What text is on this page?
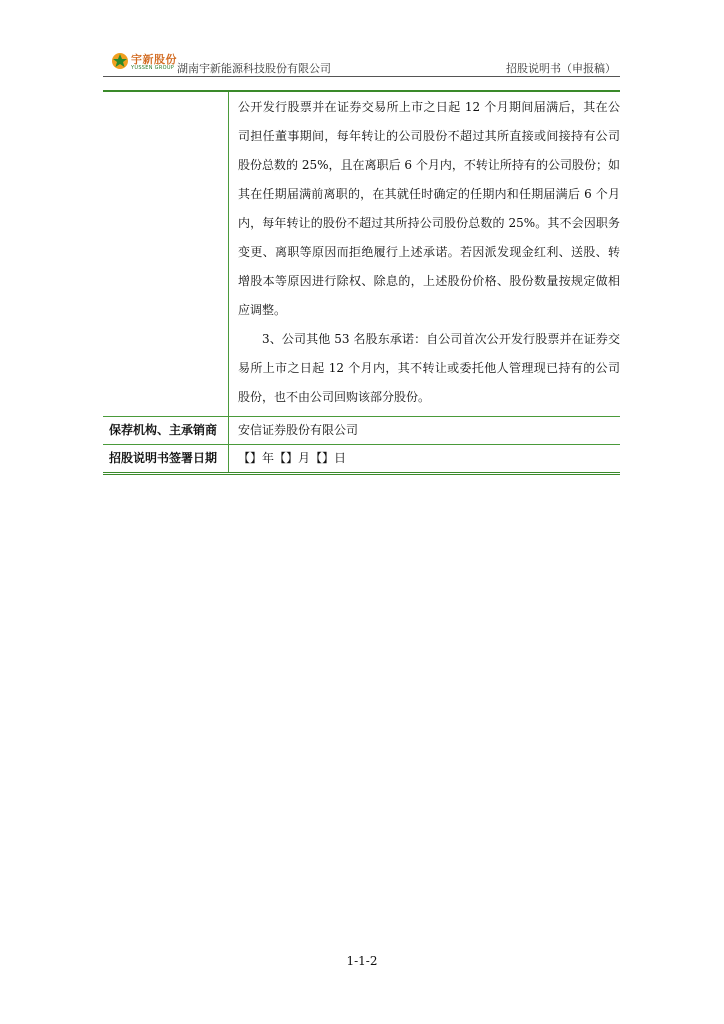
宇新股份
YUSSEN GROUP 湖南宇新能源科技股份有限公司	招股说明书（申报稿）

公开发行股票并在证券交易所上市之日起 12 个月期间届满后，其在公司担任董事期间，每年转让的公司股份不超过其所直接或间接持有公司股份总数的 25%，且在离职后 6 个月内，不转让所持有的公司股份；如其在任期届满前离职的，在其就任时确定的任期内和任期届满后 6 个月内，每年转让的股份不超过其所持公司股份总数的 25%。其不会因职务变更、离职等原因而拒绝履行上述承诺。若因派发现金红利、送股、转增股本等原因进行除权、除息的，上述股份价格、股份数量按规定做相应调整。

3、公司其他 53 名股东承诺：自公司首次公开发行股票并在证券交易所上市之日起 12 个月内，其不转让或委托他人管理现已持有的公司股份，也不由公司回购该部分股份。

保荐机构、主承销商	安信证券股份有限公司
招股说明书签署日期	【】年【】月【】日
1-1-2
